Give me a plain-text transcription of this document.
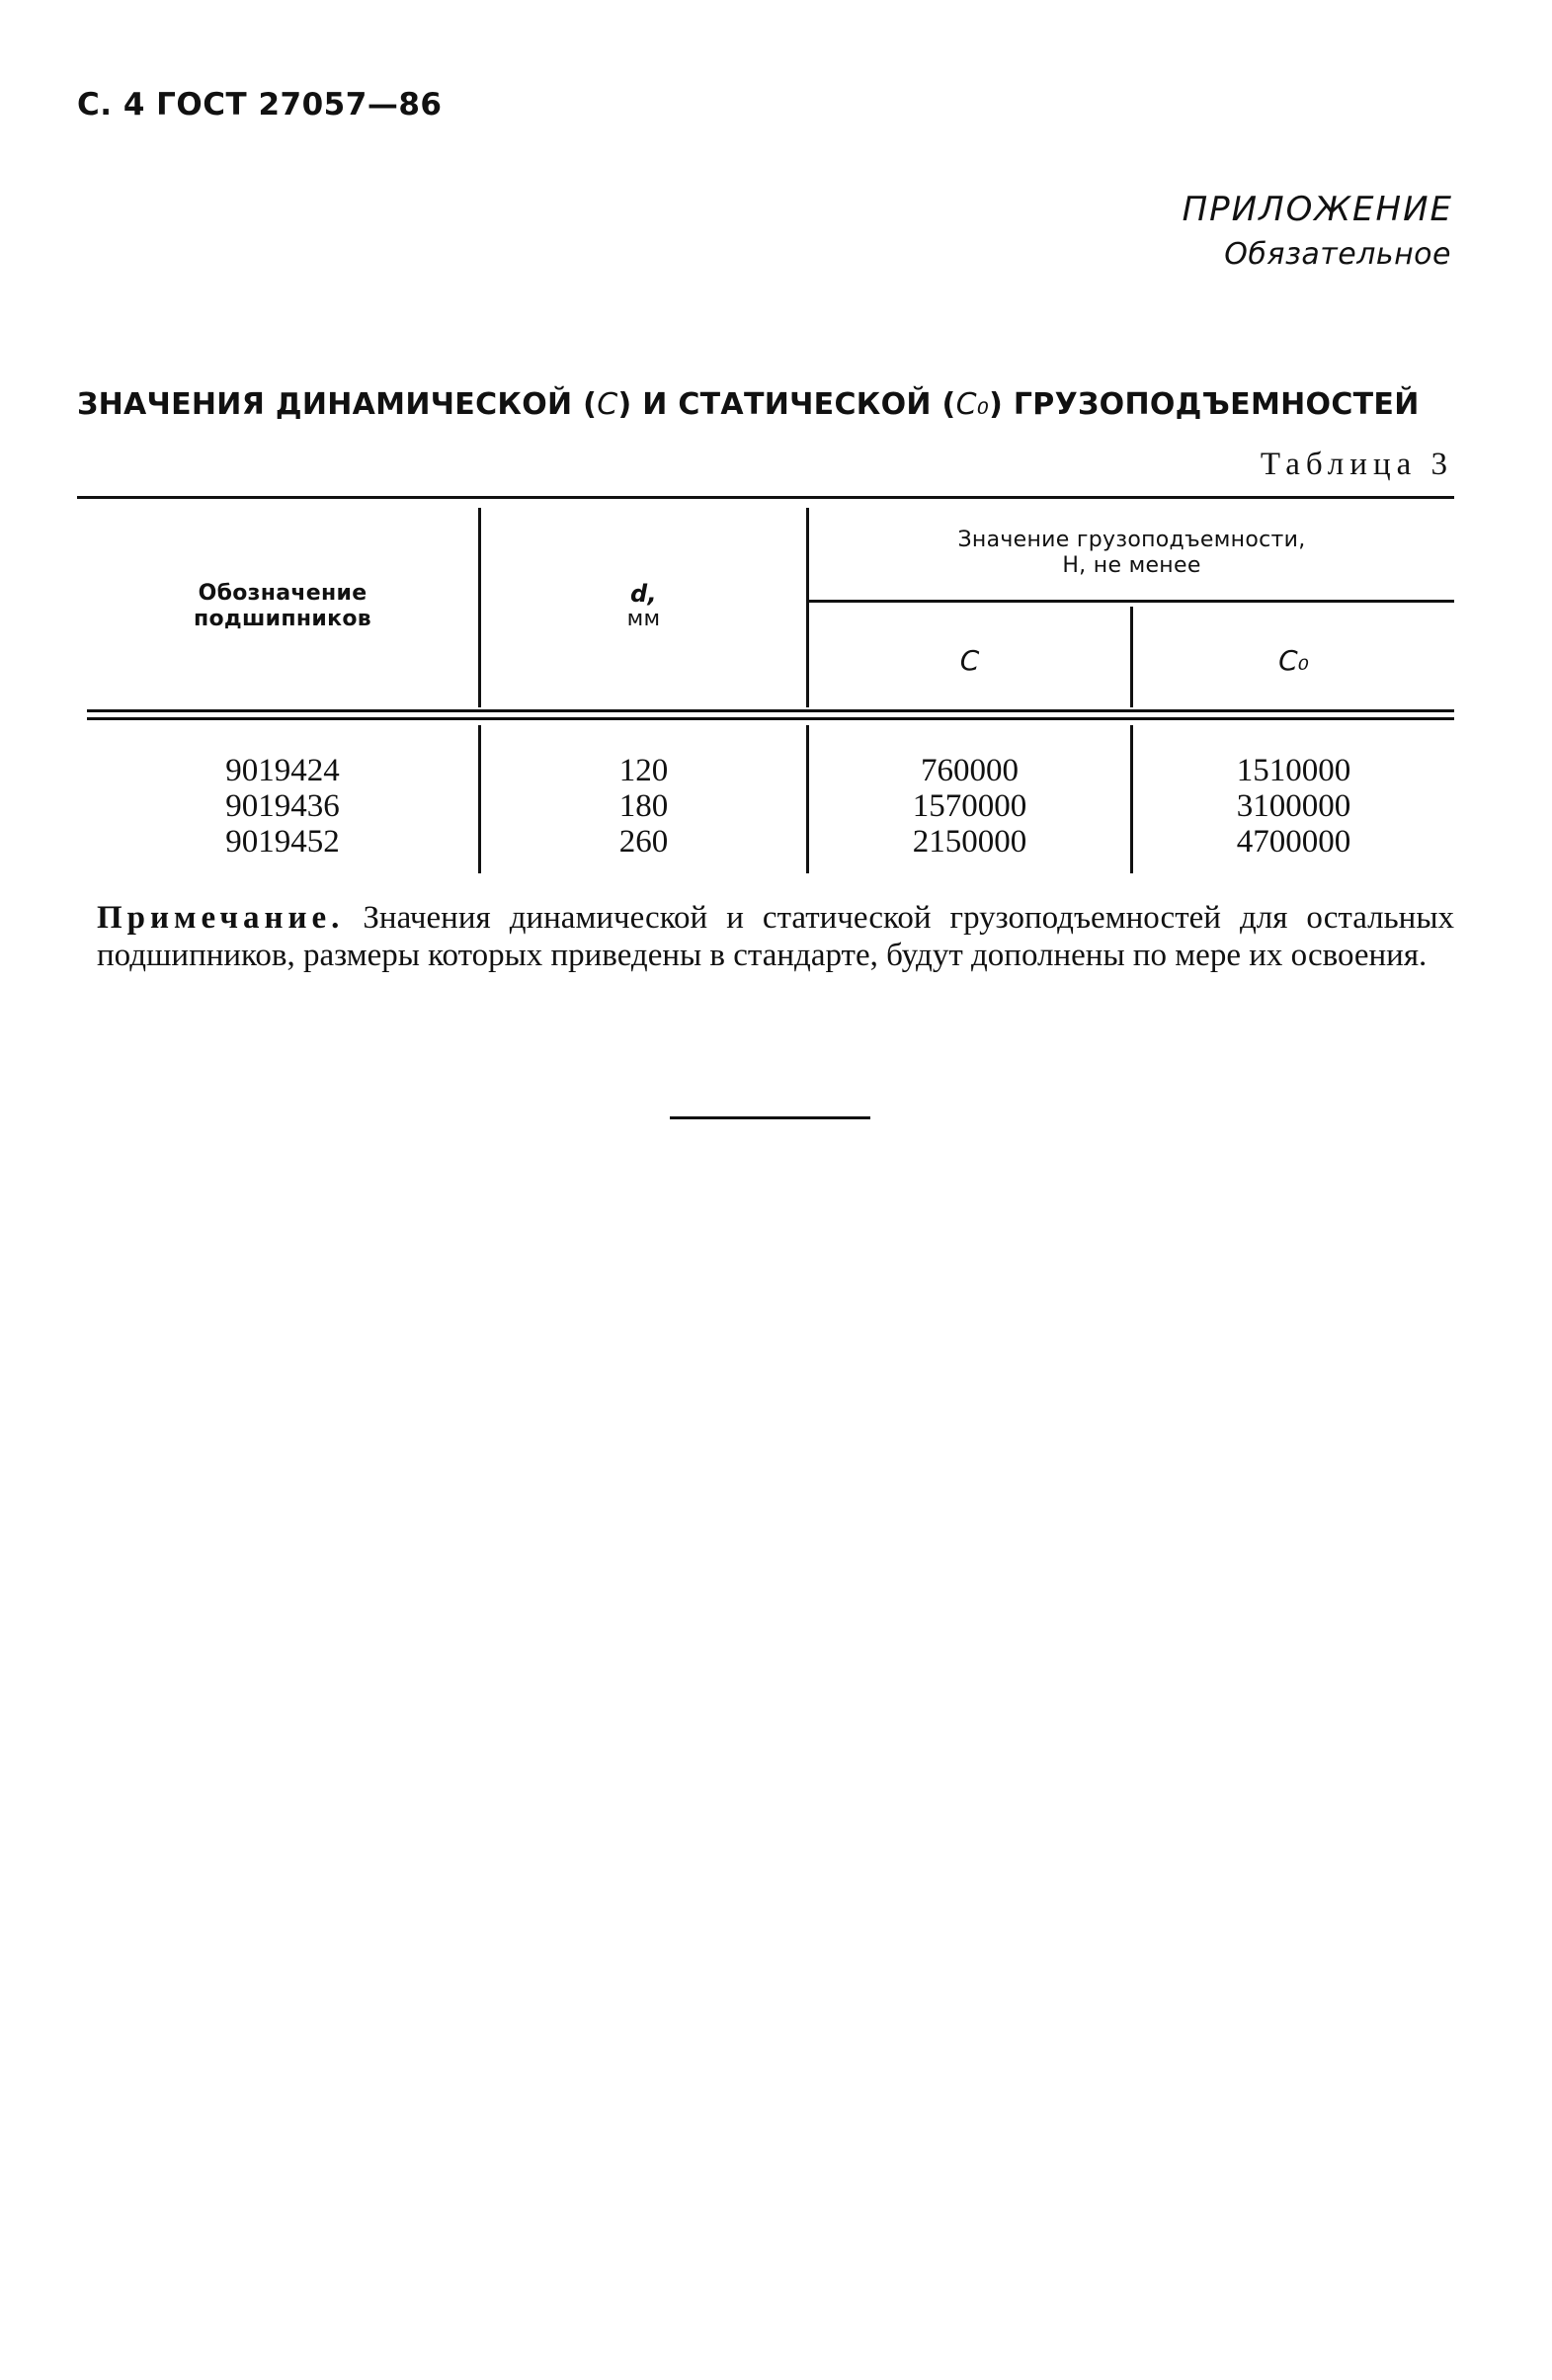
С. 4 ГОСТ 27057—86
ПРИЛОЖЕНИЕ
Обязательное
ЗНАЧЕНИЯ ДИНАМИЧЕСКОЙ (C) И СТАТИЧЕСКОЙ (C₀) ГРУЗОПОДЪЕМНОСТЕЙ
Таблица 3
Обозначение
подшипников
d,
мм
Значение грузоподъемности,
Н, не менее
C	C₀
9019424
9019436
9019452
120
180
260
760000
1570000
2150000
1510000
3100000
4700000
Примечание. Значения динамической и статической грузоподъемностей для остальных подшипников, размеры которых приведены в стандарте, будут дополнены по мере их освоения.
